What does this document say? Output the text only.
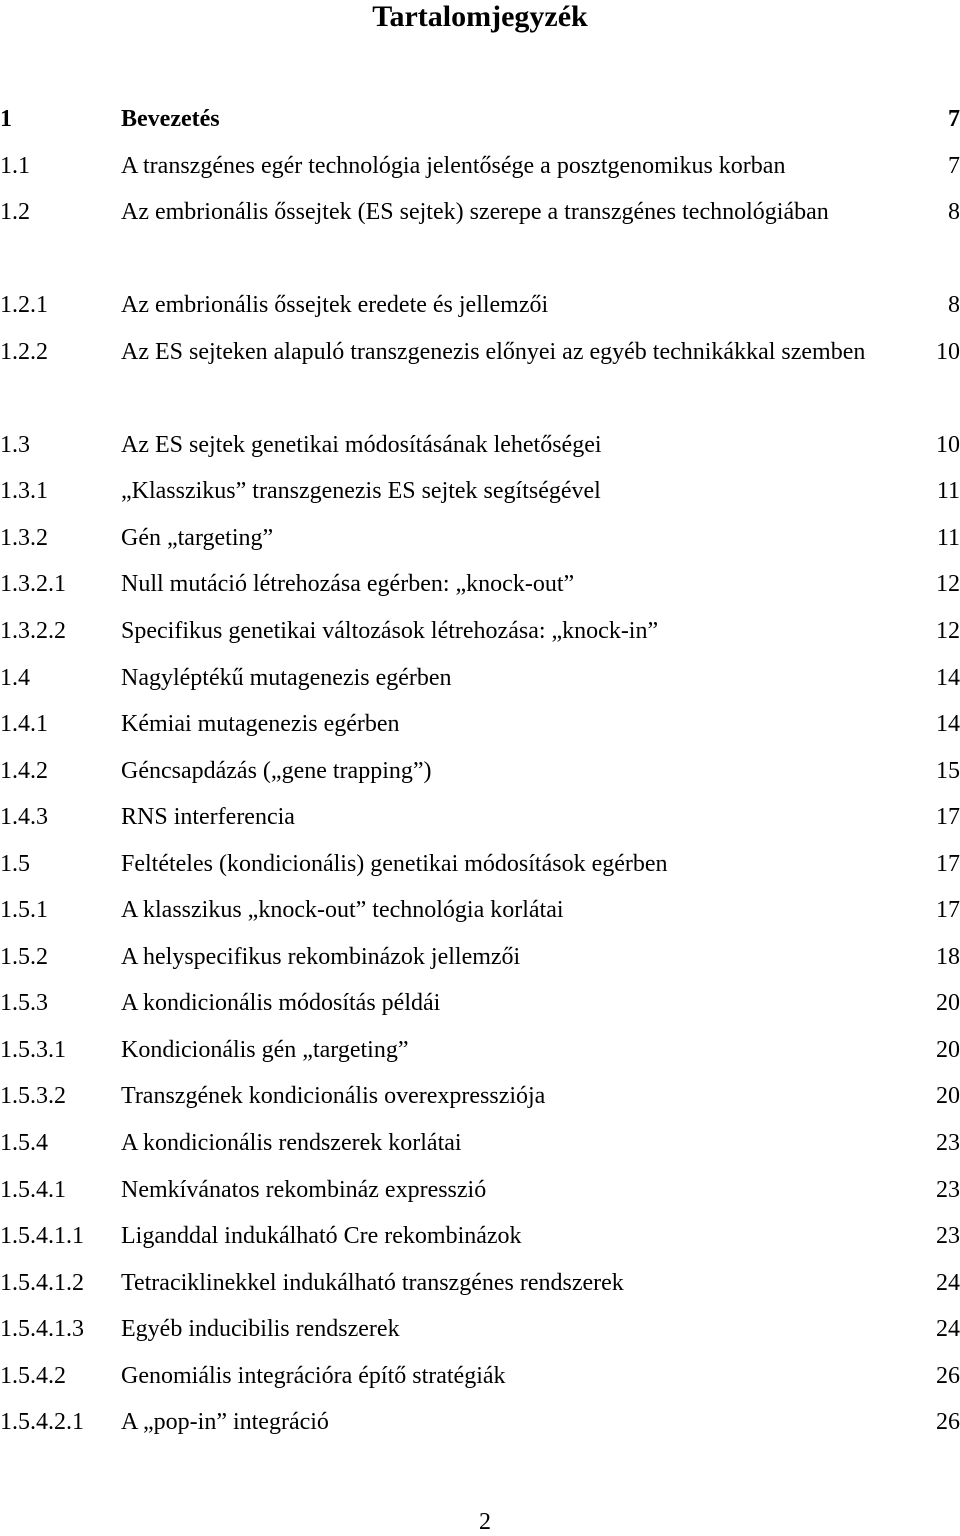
Tartalomjegyzék
1	Bevezetés	7
1.1	A transzgénes egér technológia jelentősége a posztgenomikus korban	7
1.2	Az embrionális őssejtek (ES sejtek) szerepe a transzgénes technológiában	8
1.2.1	Az embrionális őssejtek eredete és jellemzői	8
1.2.2	Az ES sejteken alapuló transzgenezis előnyei az egyéb technikákkal szemben	10
1.3	Az ES sejtek genetikai módosításának lehetőségei	10
1.3.1	„Klasszikus” transzgenezis ES sejtek segítségével	11
1.3.2	Gén „targeting”	11
1.3.2.1 Null mutáció létrehozása egérben: „knock-out”	12
1.3.2.2 Specifikus genetikai változások létrehozása: „knock-in”	12
1.4	Nagyléptékű mutagenezis egérben	14
1.4.1	Kémiai mutagenezis egérben	14
1.4.2	Géncsapdázás („gene trapping”)	15
1.4.3	RNS interferencia	17
1.5	Feltételes (kondicionális) genetikai módosítások egérben	17
1.5.1	A klasszikus „knock-out” technológia korlátai	17
1.5.2	A helyspecifikus rekombinázok jellemzői	18
1.5.3	A kondicionális módosítás példái	20
1.5.3.1 Kondicionális gén „targeting”	20
1.5.3.2 Transzgének kondicionális overexpressziója	20
1.5.4	A kondicionális rendszerek korlátai	23
1.5.4.1 Nemkívánatos rekombináz expresszió	23
1.5.4.1.1 Liganddal indukálható Cre rekombinázok	23
1.5.4.1.2 Tetraciklinekkel indukálható transzgénes rendszerek	24
1.5.4.1.3 Egyéb inducibilis rendszerek	24
1.5.4.2 Genomiális integrációra építő stratégiák	26
1.5.4.2.1 A „pop-in” integráció	26
2
